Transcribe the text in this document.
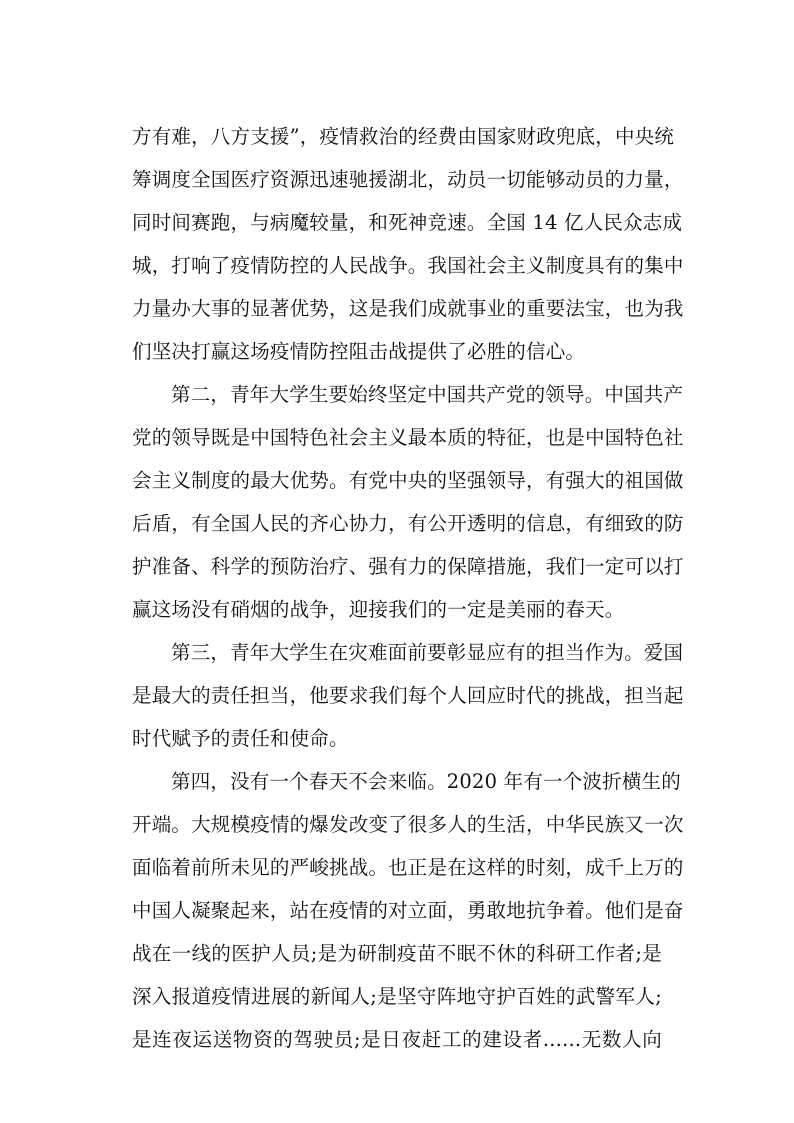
方有难，八方支援”，疫情救治的经费由国家财政兜底，中央统
筹调度全国医疗资源迅速驰援湖北，动员一切能够动员的力量，
同时间赛跑，与病魔较量，和死神竞速。全国 14 亿人民众志成
城，打响了疫情防控的人民战争。我国社会主义制度具有的集中
力量办大事的显著优势，这是我们成就事业的重要法宝，也为我
们坚决打赢这场疫情防控阻击战提供了必胜的信心。
第二，青年大学生要始终坚定中国共产党的领导。中国共产
党的领导既是中国特色社会主义最本质的特征，也是中国特色社
会主义制度的最大优势。有党中央的坚强领导，有强大的祖国做
后盾，有全国人民的齐心协力，有公开透明的信息，有细致的防
护准备、科学的预防治疗、强有力的保障措施，我们一定可以打
赢这场没有硝烟的战争，迎接我们的一定是美丽的春天。
第三，青年大学生在灾难面前要彰显应有的担当作为。爱国
是最大的责任担当，他要求我们每个人回应时代的挑战，担当起
时代赋予的责任和使命。
第四，没有一个春天不会来临。2020 年有一个波折横生的
开端。大规模疫情的爆发改变了很多人的生活，中华民族又一次
面临着前所未见的严峻挑战。也正是在这样的时刻，成千上万的
中国人凝聚起来，站在疫情的对立面，勇敢地抗争着。他们是奋
战在一线的医护人员;是为研制疫苗不眠不休的科研工作者;是
深入报道疫情进展的新闻人;是坚守阵地守护百姓的武警军人;
是连夜运送物资的驾驶员;是日夜赶工的建设者......无数人向
